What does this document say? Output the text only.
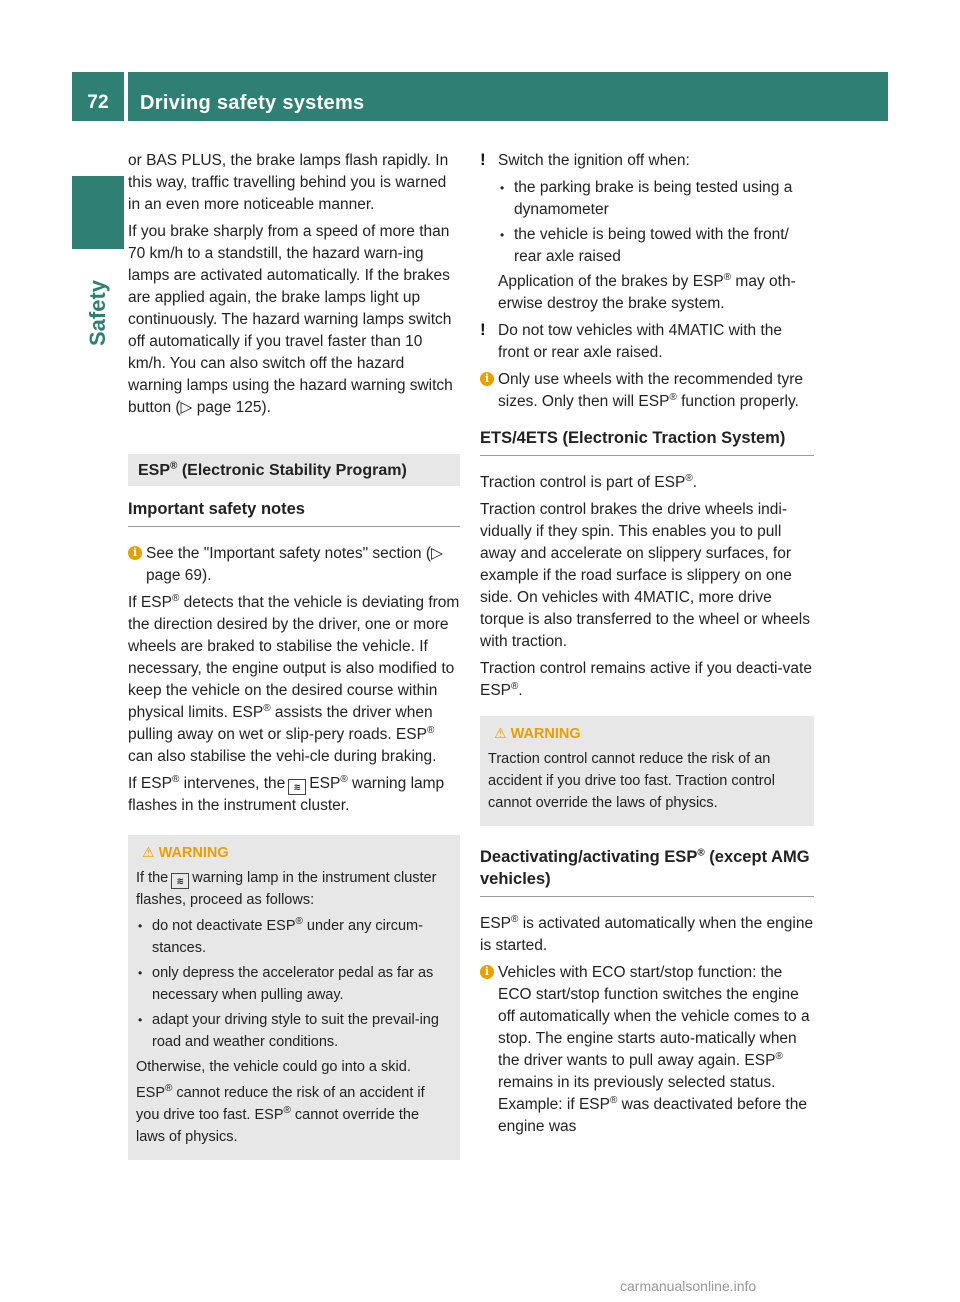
72	Driving safety systems
Safety

or BAS PLUS, the brake lamps flash rapidly. In this way, traffic travelling behind you is warned in an even more noticeable manner.

If you brake sharply from a speed of more than 70 km/h to a standstill, the hazard warn-ing lamps are activated automatically. If the brakes are applied again, the brake lamps light up continuously. The hazard warning lamps switch off automatically if you travel faster than 10 km/h. You can also switch off the hazard warning lamps using the hazard warning switch button (▷ page 125).

ESP® (Electronic Stability Program)
Important safety notes
i See the "Important safety notes" section (▷ page 69).

If ESP® detects that the vehicle is deviating from the direction desired by the driver, one or more wheels are braked to stabilise the vehicle. If necessary, the engine output is also modified to keep the vehicle on the desired course within physical limits. ESP® assists the driver when pulling away on wet or slip-pery roads. ESP® can also stabilise the vehi-cle during braking.

If ESP® intervenes, the ≋ ESP® warning lamp flashes in the instrument cluster.

⚠ WARNING

If the ≋ warning lamp in the instrument cluster flashes, proceed as follows:

• do not deactivate ESP® under any circum-stances.
• only depress the accelerator pedal as far as necessary when pulling away.
• adapt your driving style to suit the prevail-ing road and weather conditions.

Otherwise, the vehicle could go into a skid.

ESP® cannot reduce the risk of an accident if you drive too fast. ESP® cannot override the laws of physics.

! Switch the ignition off when:
• the parking brake is being tested using a dynamometer
• the vehicle is being towed with the front/ rear axle raised

Application of the brakes by ESP® may oth-erwise destroy the brake system.

! Do not tow vehicles with 4MATIC with the front or rear axle raised.
i Only use wheels with the recommended tyre sizes. Only then will ESP® function properly.
ETS/4ETS (Electronic Traction System)

Traction control is part of ESP®.

Traction control brakes the drive wheels indi-vidually if they spin. This enables you to pull away and accelerate on slippery surfaces, for example if the road surface is slippery on one side. On vehicles with 4MATIC, more drive torque is also transferred to the wheel or wheels with traction.

Traction control remains active if you deacti-vate ESP®.

⚠ WARNING

Traction control cannot reduce the risk of an accident if you drive too fast. Traction control cannot override the laws of physics.

Deactivating/activating ESP® (except AMG vehicles)

ESP® is activated automatically when the engine is started.

i Vehicles with ECO start/stop function: the ECO start/stop function switches the engine off automatically when the vehicle comes to a stop. The engine starts auto-matically when the driver wants to pull away again. ESP® remains in its previously selected status. Example: if ESP® was deactivated before the engine was
carmanualsonline.info
